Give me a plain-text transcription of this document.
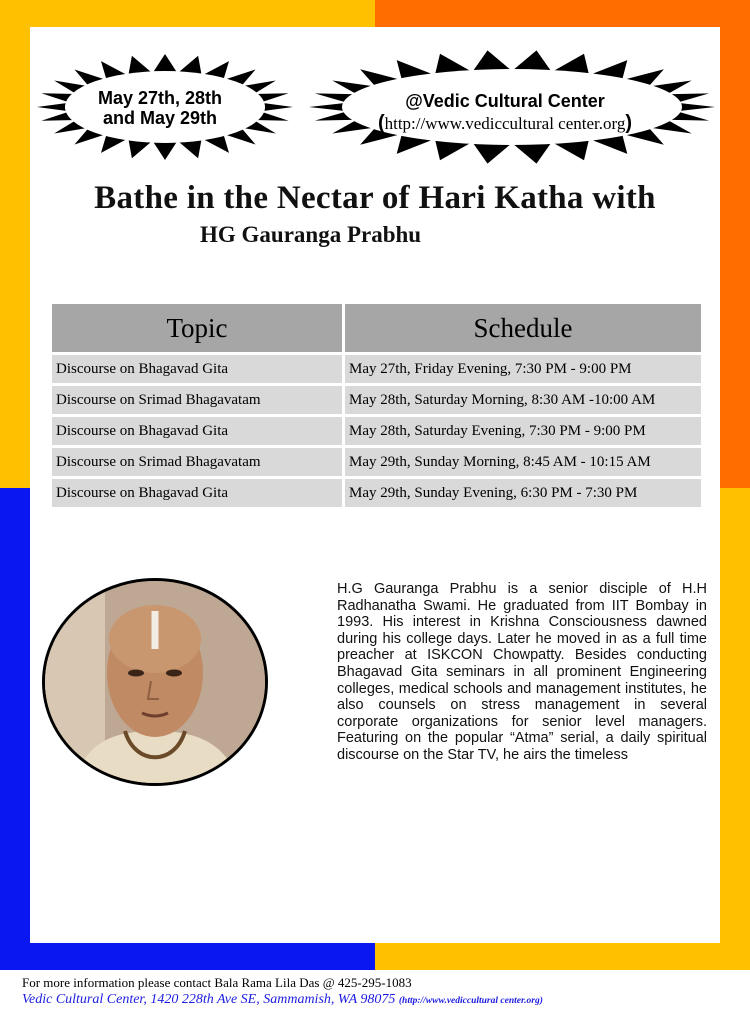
May 27th, 28th
and May 29th
@Vedic Cultural Center
(http://www.vediccultural center.org)
Bathe in the Nectar of Hari Katha with
HG Gauranga Prabhu
Topic	Schedule
Discourse on Bhagavad Gita	May 27th, Friday Evening, 7:30 PM - 9:00 PM
Discourse on Srimad Bhagavatam	May 28th, Saturday Morning, 8:30 AM -10:00 AM
Discourse on Bhagavad Gita	May 28th, Saturday Evening, 7:30 PM - 9:00 PM
Discourse on Srimad Bhagavatam	May 29th, Sunday Morning, 8:45 AM - 10:15 AM
Discourse on Bhagavad Gita	May 29th, Sunday Evening, 6:30 PM - 7:30 PM
H.G Gauranga Prabhu is a senior disciple of H.H Radhanatha Swami. He graduated from IIT Bombay in 1993. His interest in Krishna Consciousness dawned during his college days. Later he moved in as a full time preacher at ISKCON Chowpatty. Besides conducting Bhagavad Gita seminars in all prominent Engineering colleges, medical schools and management institutes, he also counsels on stress management in several corporate organizations for senior level managers. Featuring on the popular “Atma” serial, a daily spiritual discourse on the Star TV, he airs the timeless
For more information please contact Bala Rama Lila Das @ 425-295-1083
Vedic Cultural Center, 1420 228th Ave SE, Sammamish, WA 98075 (http://www.vediccultural center.org)
